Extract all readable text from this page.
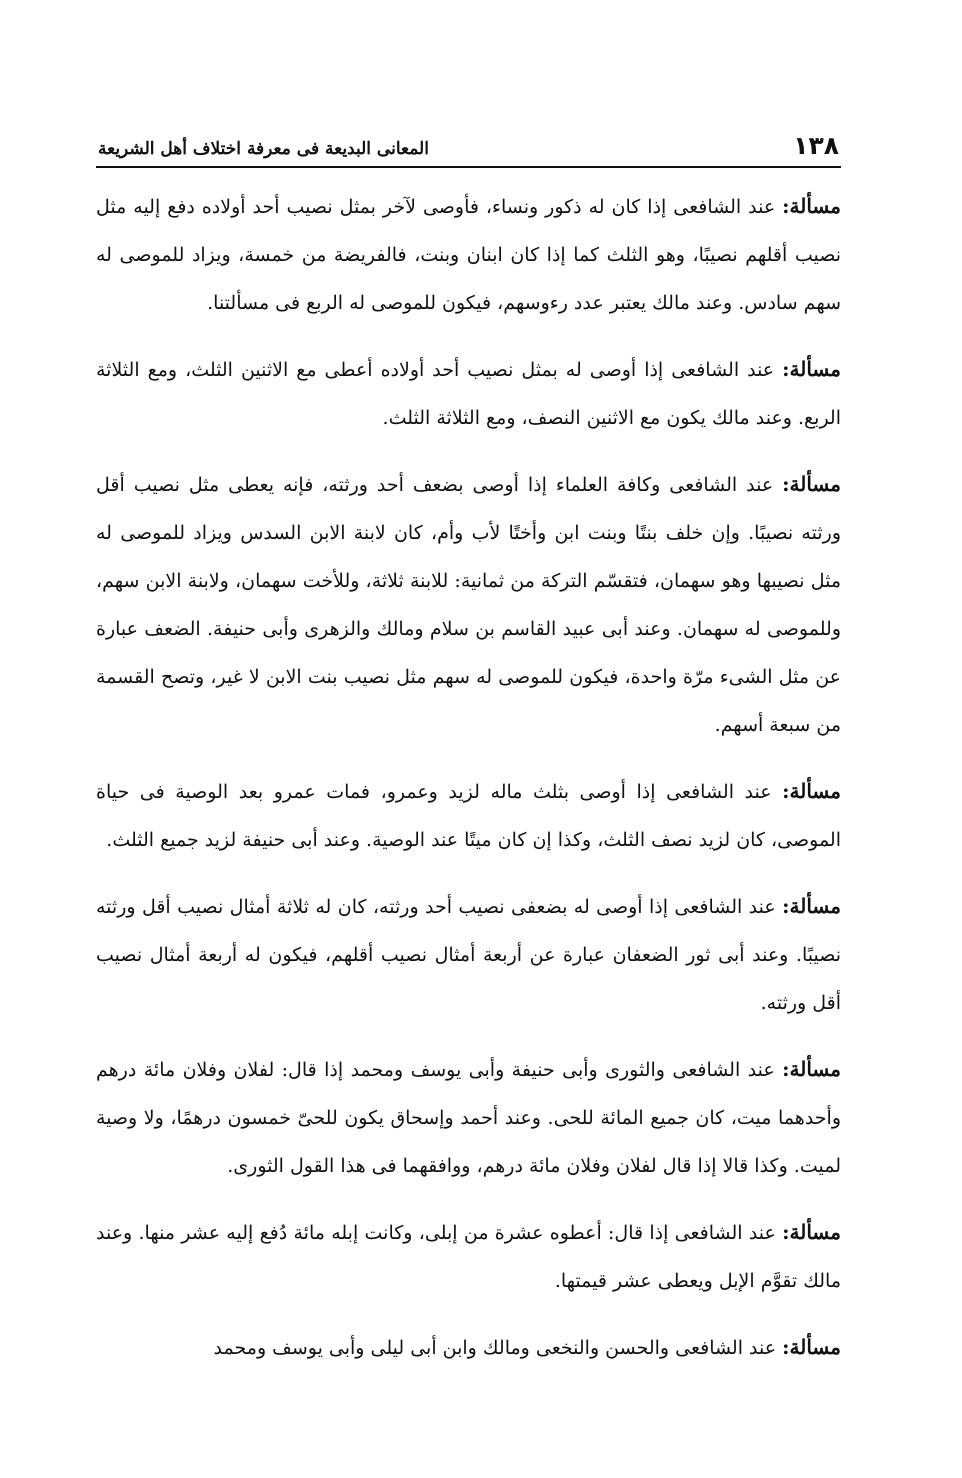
١٣٨
المعانى البديعة فى معرفة اختلاف أهل الشريعة

مسألة: عند الشافعى إذا كان له ذكور ونساء، فأوصى لآخر بمثل نصيب أحد أولاده دفع إليه مثل نصيب أقلهم نصيبًا، وهو الثلث كما إذا كان ابنان وبنت، فالفريضة من خمسة، ويزاد للموصى له سهم سادس. وعند مالك يعتبر عدد رءوسهم، فيكون للموصى له الربع فى مسألتنا.

مسألة: عند الشافعى إذا أوصى له بمثل نصيب أحد أولاده أعطى مع الاثنين الثلث، ومع الثلاثة الربع. وعند مالك يكون مع الاثنين النصف، ومع الثلاثة الثلث.

مسألة: عند الشافعى وكافة العلماء إذا أوصى بضعف أحد ورثته، فإنه يعطى مثل نصيب أقل ورثته نصيبًا. وإن خلف بنتًا وبنت ابن وأختًا لأب وأم، كان لابنة الابن السدس ويزاد للموصى له مثل نصيبها وهو سهمان، فتقسّم التركة من ثمانية: للابنة ثلاثة، وللأخت سهمان، ولابنة الابن سهم، وللموصى له سهمان. وعند أبى عبيد القاسم بن سلام ومالك والزهرى وأبى حنيفة. الضعف عبارة عن مثل الشىء مرّة واحدة، فيكون للموصى له سهم مثل نصيب بنت الابن لا غير، وتصح القسمة من سبعة أسهم.

مسألة: عند الشافعى إذا أوصى بثلث ماله لزيد وعمرو، فمات عمرو بعد الوصية فى حياة الموصى، كان لزيد نصف الثلث، وكذا إن كان ميتًا عند الوصية. وعند أبى حنيفة لزيد جميع الثلث.

مسألة: عند الشافعى إذا أوصى له بضعفى نصيب أحد ورثته، كان له ثلاثة أمثال نصيب أقل ورثته نصيبًا. وعند أبى ثور الضعفان عبارة عن أربعة أمثال نصيب أقلهم، فيكون له أربعة أمثال نصيب أقل ورثته.

مسألة: عند الشافعى والثورى وأبى حنيفة وأبى يوسف ومحمد إذا قال: لفلان وفلان مائة درهم وأحدهما ميت، كان جميع المائة للحى. وعند أحمد وإسحاق يكون للحىّ خمسون درهمًا، ولا وصية لميت. وكذا قالا إذا قال لفلان وفلان مائة درهم، ووافقهما فى هذا القول الثورى.

مسألة: عند الشافعى إذا قال: أعطوه عشرة من إبلى، وكانت إبله مائة دُفع إليه عشر منها. وعند مالك تقوَّم الإبل ويعطى عشر قيمتها.

مسألة: عند الشافعى والحسن والنخعى ومالك وابن أبى ليلى وأبى يوسف ومحمد
